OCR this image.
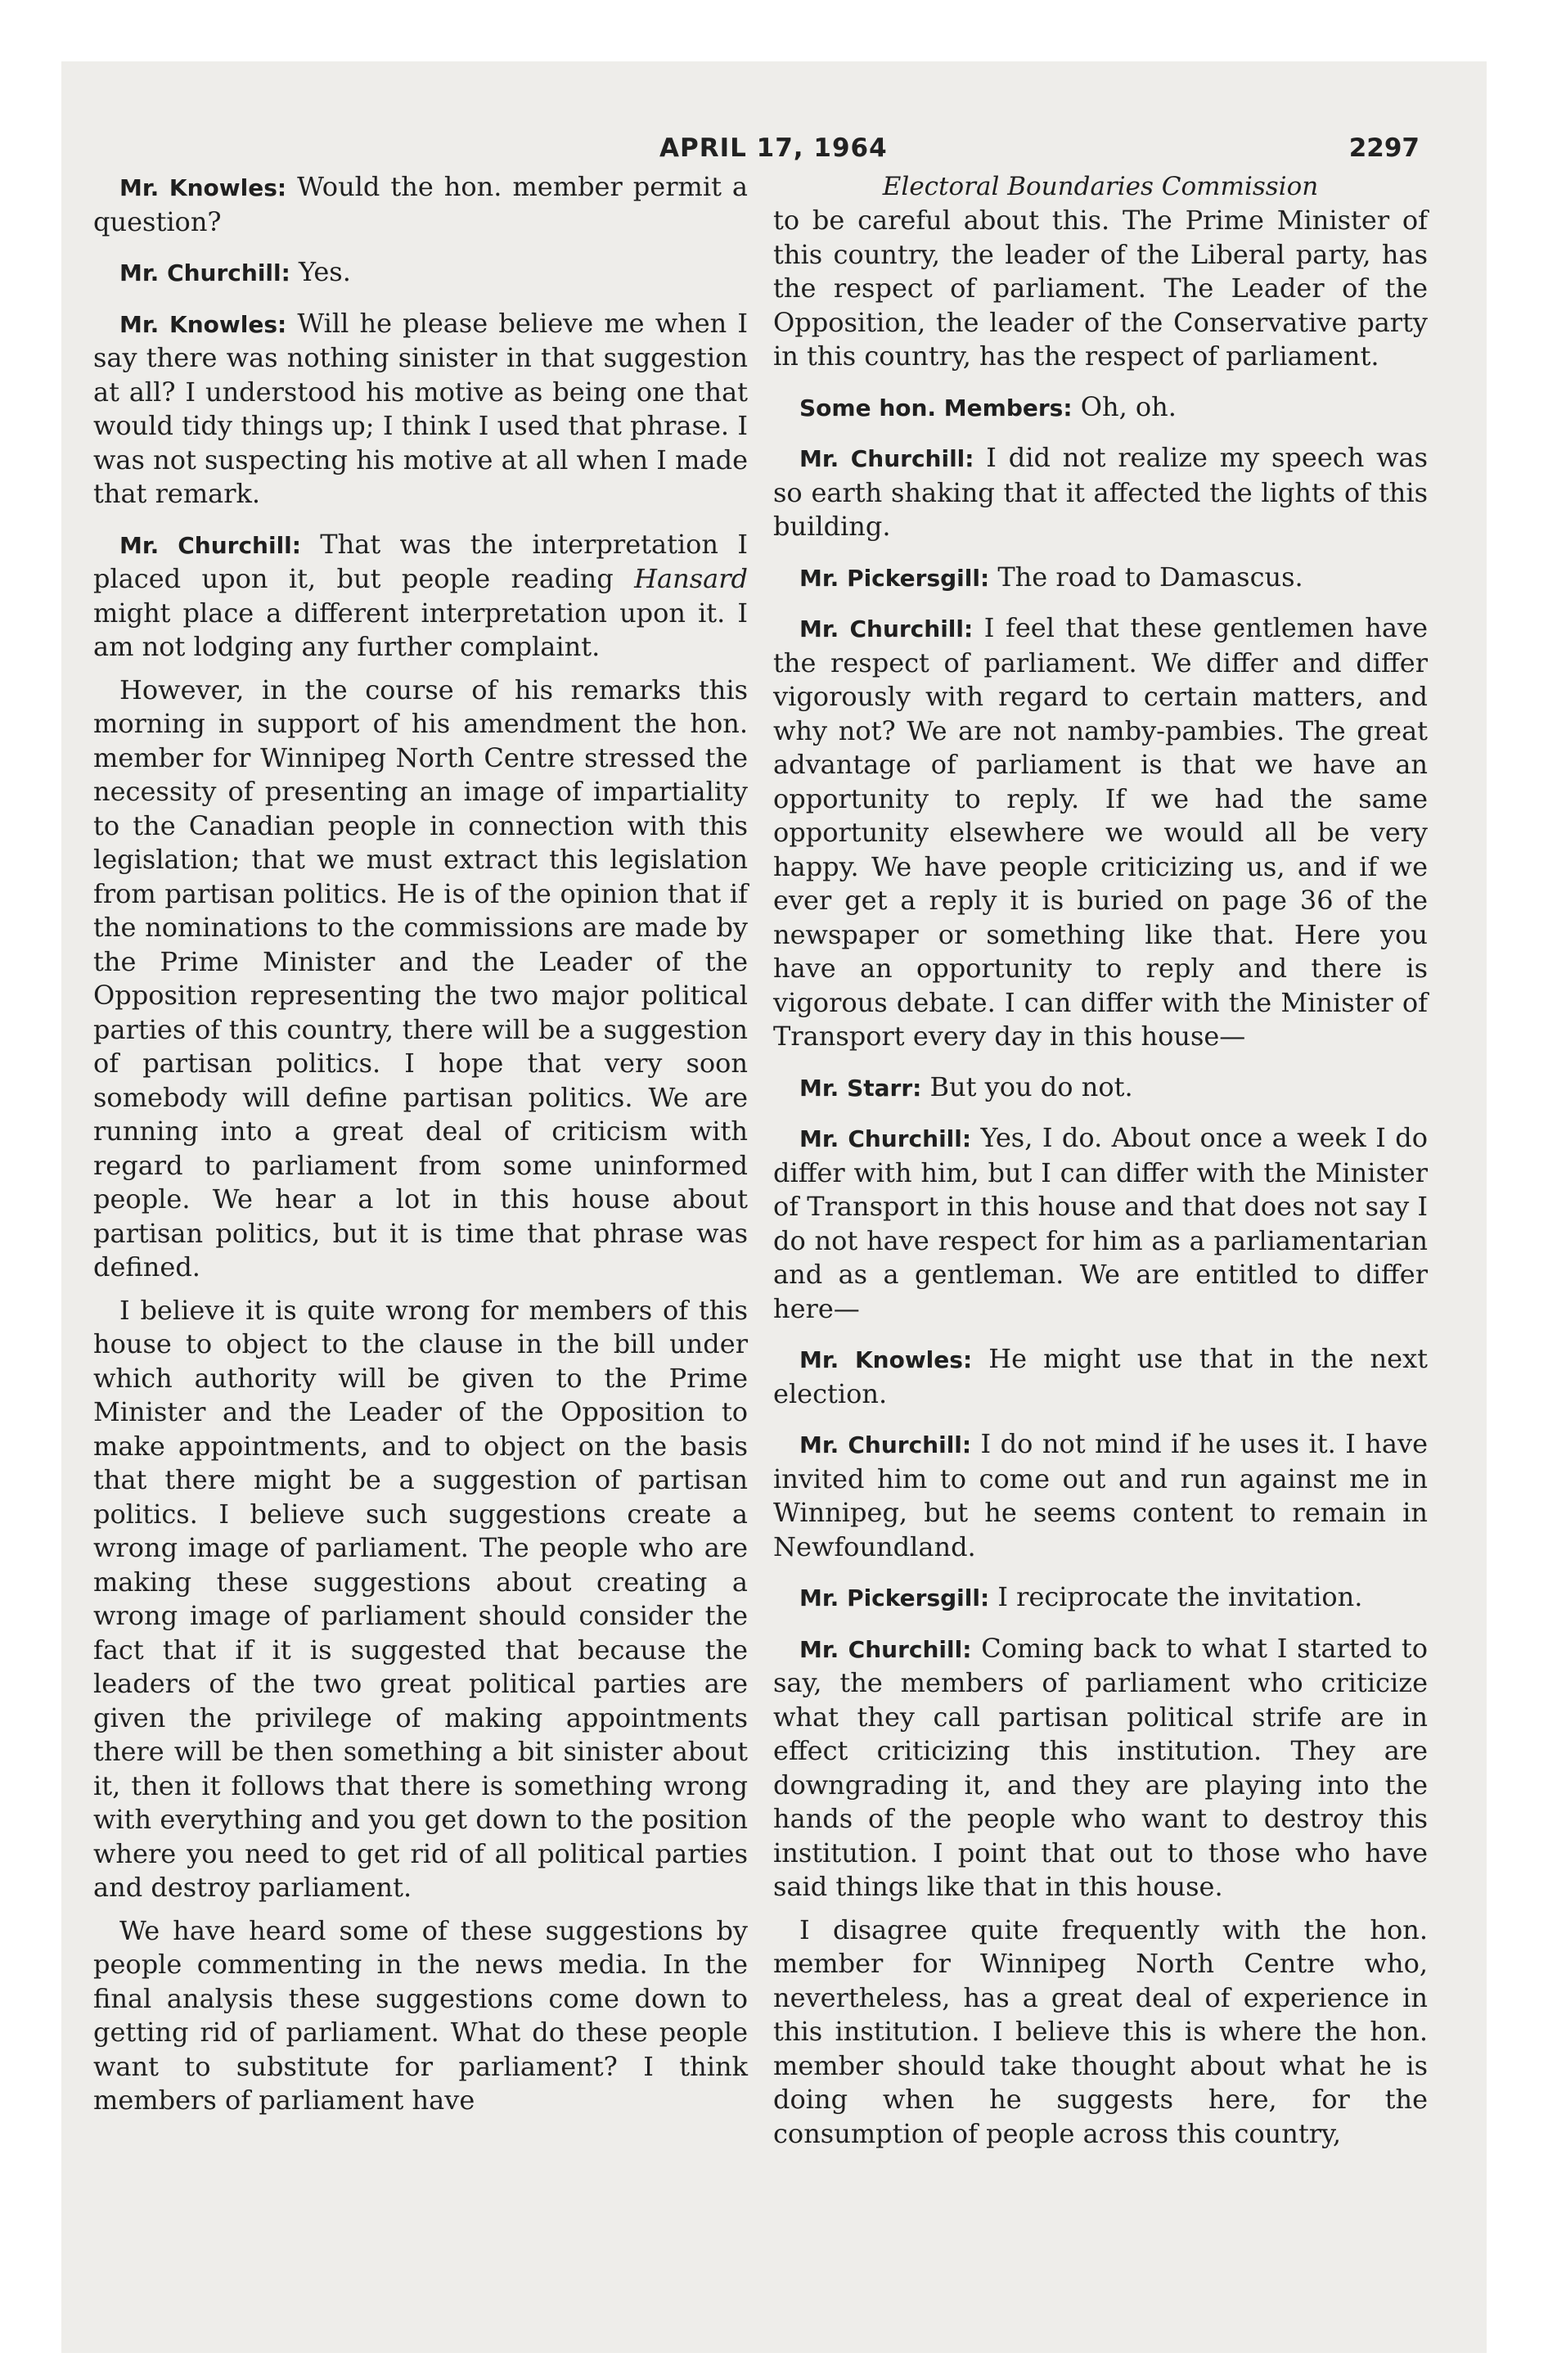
APRIL 17, 1964	2297

Mr. Knowles: Would the hon. member permit a question?

Mr. Churchill: Yes.

Mr. Knowles: Will he please believe me when I say there was nothing sinister in that suggestion at all? I understood his motive as being one that would tidy things up; I think I used that phrase. I was not suspecting his motive at all when I made that remark.

Mr. Churchill: That was the interpretation I placed upon it, but people reading Hansard might place a different interpretation upon it. I am not lodging any further complaint.

However, in the course of his remarks this morning in support of his amendment the hon. member for Winnipeg North Centre stressed the necessity of presenting an image of impartiality to the Canadian people in connection with this legislation; that we must extract this legislation from partisan politics. He is of the opinion that if the nominations to the commissions are made by the Prime Minister and the Leader of the Opposition representing the two major political parties of this country, there will be a suggestion of partisan politics. I hope that very soon somebody will define partisan politics. We are running into a great deal of criticism with regard to parliament from some uninformed people. We hear a lot in this house about partisan politics, but it is time that phrase was defined.

I believe it is quite wrong for members of this house to object to the clause in the bill under which authority will be given to the Prime Minister and the Leader of the Opposition to make appointments, and to object on the basis that there might be a suggestion of partisan politics. I believe such suggestions create a wrong image of parliament. The people who are making these suggestions about creating a wrong image of parliament should consider the fact that if it is suggested that because the leaders of the two great political parties are given the privilege of making appointments there will be then something a bit sinister about it, then it follows that there is something wrong with everything and you get down to the position where you need to get rid of all political parties and destroy parliament.

We have heard some of these suggestions by people commenting in the news media. In the final analysis these suggestions come down to getting rid of parliament. What do these people want to substitute for parliament? I think members of parliament have

Electoral Boundaries Commission

to be careful about this. The Prime Minister of this country, the leader of the Liberal party, has the respect of parliament. The Leader of the Opposition, the leader of the Conservative party in this country, has the respect of parliament.

Some hon. Members: Oh, oh.

Mr. Churchill: I did not realize my speech was so earth shaking that it affected the lights of this building.

Mr. Pickersgill: The road to Damascus.

Mr. Churchill: I feel that these gentlemen have the respect of parliament. We differ and differ vigorously with regard to certain matters, and why not? We are not namby-pambies. The great advantage of parliament is that we have an opportunity to reply. If we had the same opportunity elsewhere we would all be very happy. We have people criticizing us, and if we ever get a reply it is buried on page 36 of the newspaper or something like that. Here you have an opportunity to reply and there is vigorous debate. I can differ with the Minister of Transport every day in this house—

Mr. Starr: But you do not.

Mr. Churchill: Yes, I do. About once a week I do differ with him, but I can differ with the Minister of Transport in this house and that does not say I do not have respect for him as a parliamentarian and as a gentleman. We are entitled to differ here—

Mr. Knowles: He might use that in the next election.

Mr. Churchill: I do not mind if he uses it. I have invited him to come out and run against me in Winnipeg, but he seems content to remain in Newfoundland.

Mr. Pickersgill: I reciprocate the invitation.

Mr. Churchill: Coming back to what I started to say, the members of parliament who criticize what they call partisan political strife are in effect criticizing this institution. They are downgrading it, and they are playing into the hands of the people who want to destroy this institution. I point that out to those who have said things like that in this house.

I disagree quite frequently with the hon. member for Winnipeg North Centre who, nevertheless, has a great deal of experience in this institution. I believe this is where the hon. member should take thought about what he is doing when he suggests here, for the consumption of people across this country,
